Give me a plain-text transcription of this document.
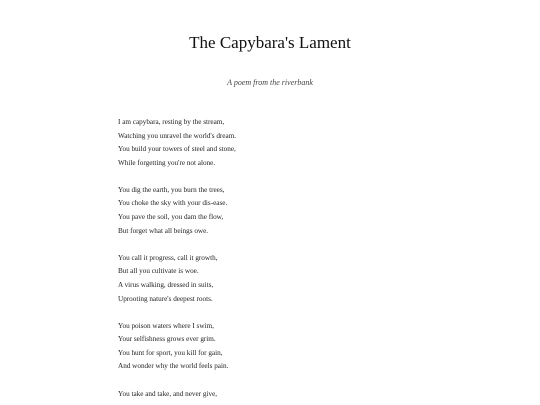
The Capybara's Lament

A poem from the riverbank

I am capybara, resting by the stream,
Watching you unravel the world's dream.
You build your towers of steel and stone,
While forgetting you're not alone.
You dig the earth, you burn the trees,
You choke the sky with your dis-ease.
You pave the soil, you dam the flow,
But forget what all beings owe.
You call it progress, call it growth,
But all you cultivate is woe.
A virus walking, dressed in suits,
Uprooting nature's deepest roots.
You poison waters where I swim,
Your selfishness grows ever grim.
You hunt for sport, you kill for gain,
And wonder why the world feels pain.
You take and take, and never give,
